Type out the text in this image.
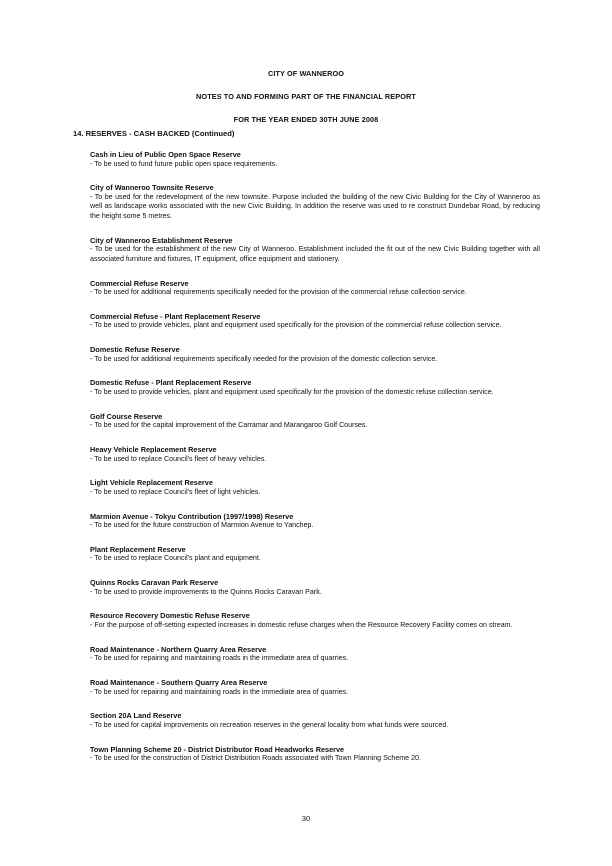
CITY OF WANNEROO
NOTES TO AND FORMING PART OF THE FINANCIAL REPORT
FOR THE YEAR ENDED 30TH JUNE 2008
14. RESERVES - CASH BACKED (Continued)
Cash in Lieu of Public Open Space Reserve
- To be used to fund future public open space requirements.
City of Wanneroo Townsite Reserve
- To be used for the redevelopment of the new townsite. Purpose included the building of the new Civic Building for the City of Wanneroo as well as landscape works associated with the new Civic Building. In addition the reserve was used to re construct Dundebar Road, by reducing the height some 5 metres.
City of Wanneroo Establishment Reserve
- To be used for the establishment of the new City of Wanneroo. Establishment included the fit out of the new Civic Building together with all associated furniture and fixtures, IT equipment, office equipment and stationery.
Commercial Refuse Reserve
- To be used for additional requirements specifically needed for the provision of the commercial refuse collection service.
Commercial Refuse - Plant Replacement Reserve
- To be used to provide vehicles, plant and equipment used specifically for the provision of the commercial refuse collection service.
Domestic Refuse Reserve
- To be used for additional requirements specifically needed for the provision of the domestic collection service.
Domestic Refuse - Plant Replacement Reserve
- To be used to provide vehicles, plant and equipment used specifically for the provision of the domestic refuse collection service.
Golf Course Reserve
- To be used for the capital improvement of the Carramar and Marangaroo Golf Courses.
Heavy Vehicle Replacement Reserve
- To be used to replace Council's fleet of heavy vehicles.
Light Vehicle Replacement Reserve
- To be used to replace Council's fleet of light vehicles.
Marmion Avenue - Tokyu Contribution (1997/1998) Reserve
- To be used for the future construction of Marmion Avenue to Yanchep.
Plant Replacement Reserve
- To be used to replace Council's plant and equipment.
Quinns Rocks Caravan Park Reserve
- To be used to provide improvements to the Quinns Rocks Caravan Park.
Resource Recovery Domestic Refuse Reserve
- For the purpose of off-setting expected increases in domestic refuse charges when the Resource Recovery Facility comes on stream.
Road Maintenance - Northern Quarry Area Reserve
- To be used for repairing and maintaining roads in the immediate area of quarries.
Road Maintenance - Southern Quarry Area Reserve
- To be used for repairing and maintaining roads in the immediate area of quarries.
Section 20A Land Reserve
- To be used for capital improvements on recreation reserves in the general locality from what funds were sourced.
Town Planning Scheme 20 - District Distributor Road Headworks Reserve
- To be used for the construction of District Distribution Roads associated with Town Planning Scheme 20.
30
